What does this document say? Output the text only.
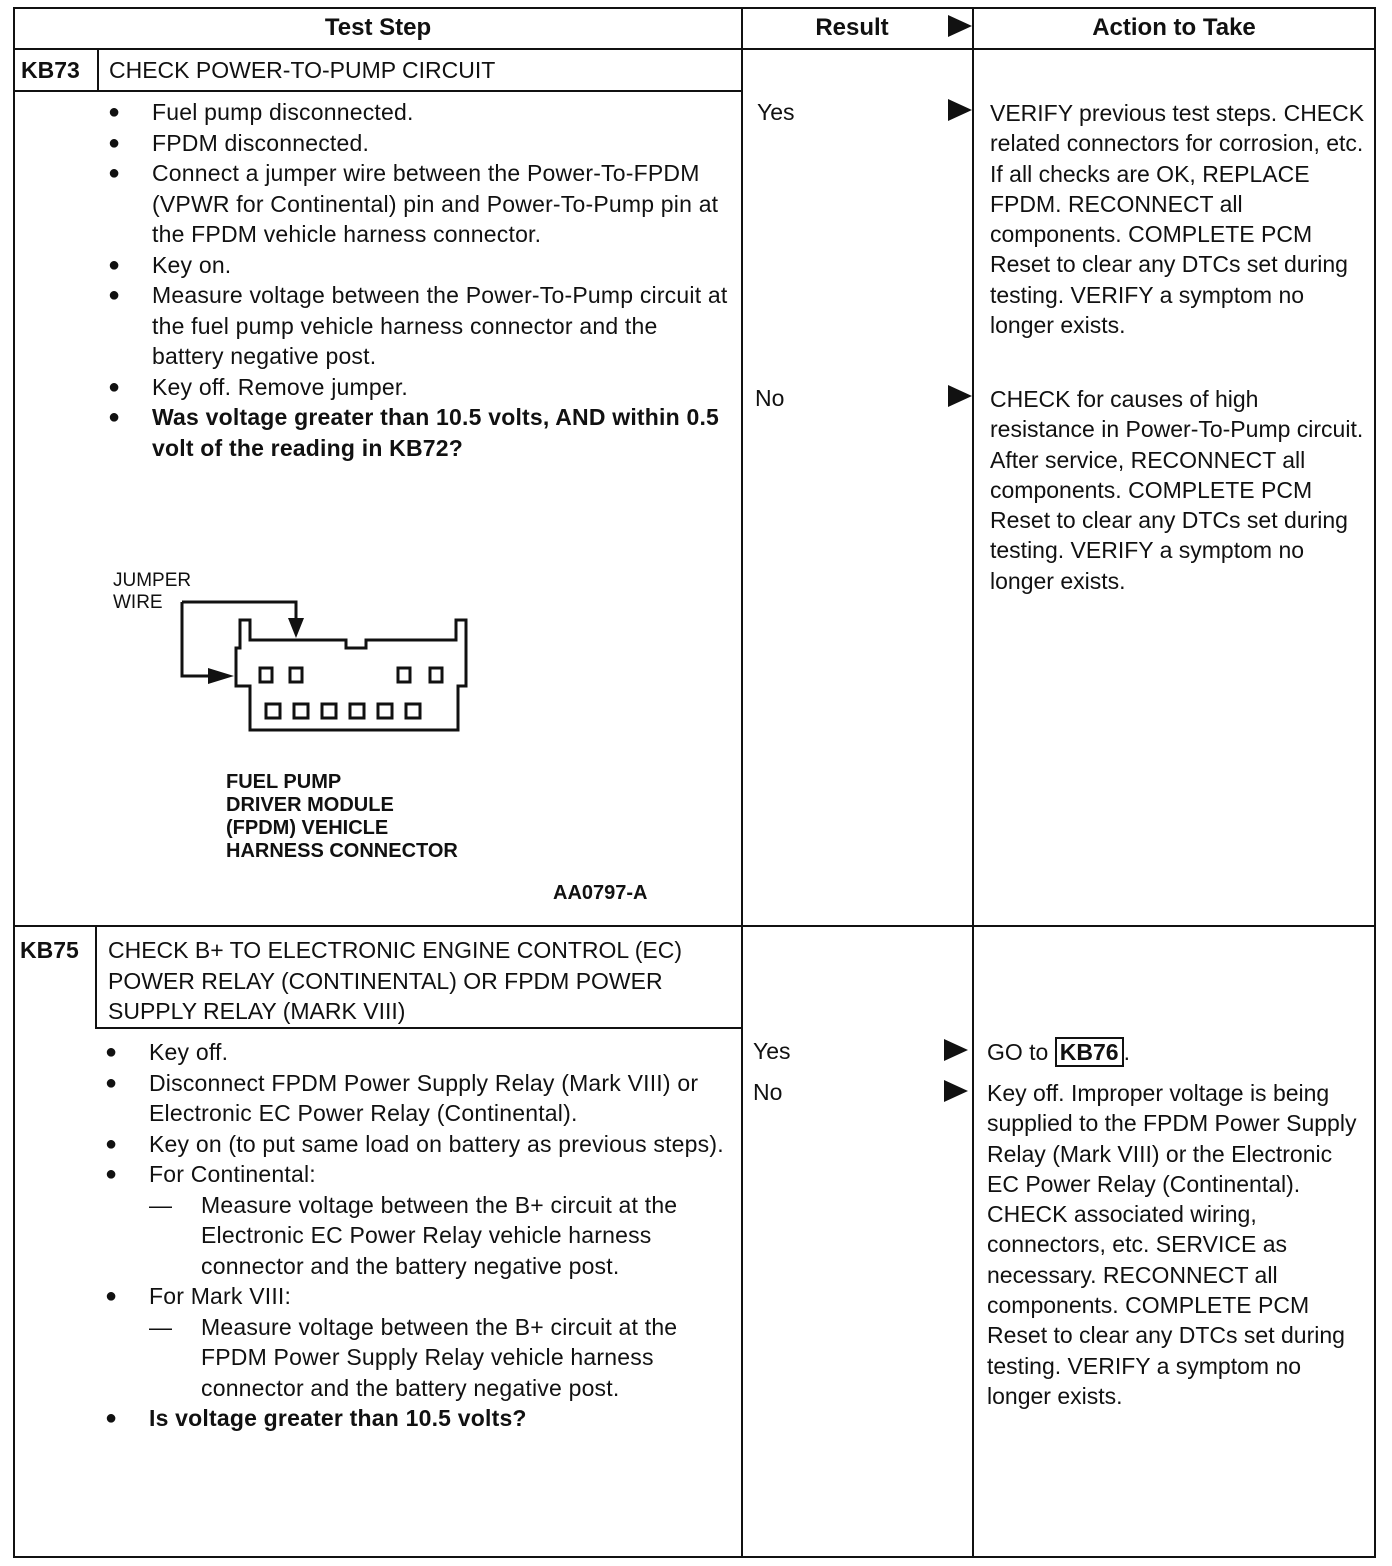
Test Step	Result	Action to Take
KB73 CHECK POWER-TO-PUMP CIRCUIT
● Fuel pump disconnected.
● FPDM disconnected.
● Connect a jumper wire between the Power-To-FPDM (VPWR for Continental) pin and Power-To-Pump pin at the FPDM vehicle harness connector.
● Key on.
● Measure voltage between the Power-To-Pump circuit at the fuel pump vehicle harness connector and the battery negative post.
● Key off. Remove jumper.
● Was voltage greater than 10.5 volts, AND within 0.5 volt of the reading in KB72?
JUMPER
WIRE
FUEL PUMP
DRIVER MODULE
(FPDM) VEHICLE
HARNESS CONNECTOR
AA0797-A
Yes
No
VERIFY previous test steps. CHECK related connectors for corrosion, etc. If all checks are OK, REPLACE FPDM. RECONNECT all components. COMPLETE PCM Reset to clear any DTCs set during testing. VERIFY a symptom no longer exists.
CHECK for causes of high resistance in Power-To-Pump circuit. After service, RECONNECT all components. COMPLETE PCM Reset to clear any DTCs set during testing. VERIFY a symptom no longer exists.
KB75 CHECK B+ TO ELECTRONIC ENGINE CONTROL (EC) POWER RELAY (CONTINENTAL) OR FPDM POWER SUPPLY RELAY (MARK VIII)
● Key off.
● Disconnect FPDM Power Supply Relay (Mark VIII) or Electronic EC Power Relay (Continental).
● Key on (to put same load on battery as previous steps).
● For Continental:
— Measure voltage between the B+ circuit at the Electronic EC Power Relay vehicle harness connector and the battery negative post.
● For Mark VIII:
— Measure voltage between the B+ circuit at the FPDM Power Supply Relay vehicle harness connector and the battery negative post.
● Is voltage greater than 10.5 volts?
Yes
No
GO to KB76 .
Key off. Improper voltage is being supplied to the FPDM Power Supply Relay (Mark VIII) or the Electronic EC Power Relay (Continental). CHECK associated wiring, connectors, etc. SERVICE as necessary. RECONNECT all components. COMPLETE PCM Reset to clear any DTCs set during testing. VERIFY a symptom no longer exists.
